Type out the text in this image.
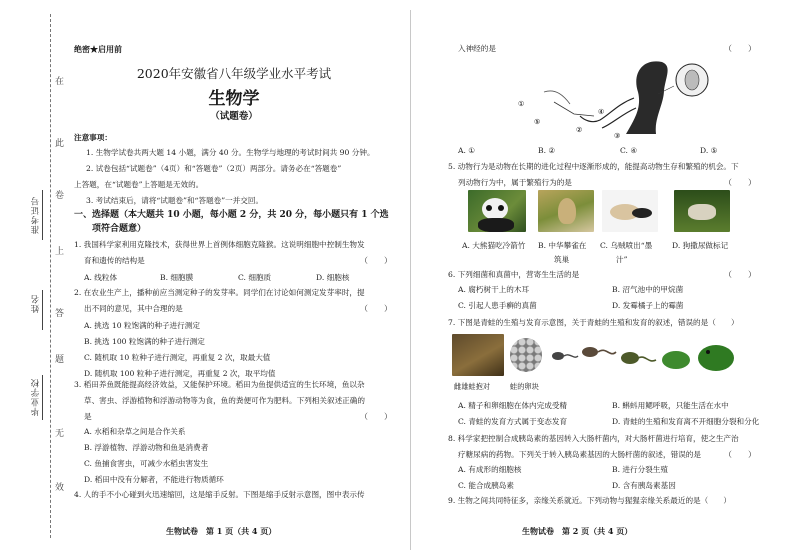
在
此
卷
上
答
题
无
效
准考证号
姓名
毕业学校
绝密★启用前
2020年安徽省八年级学业水平考试
生物学
（试题卷）
注意事项：
1. 生物学试卷共两大题 14 小题，满分 40 分。生物学与地理的考试时间共 90 分钟。
2. 试卷包括“试题卷”（4页）和“答题卷”（2页）两部分。请务必在“答题卷”
上答题，在“试题卷”上答题是无效的。
3. 考试结束后，请将“试题卷”和“答题卷”一并交回。
一、选择题（本大题共 10 小题，每小题 2 分，共 20 分，每小题只有 1 个选
项符合题意）
1. 我国科学家利用克隆技术，获得世界上首例体细胞克隆猴。这说明细胞中控制生物发
育和遗传的结构是	（　　）
A. 线粒体	B. 细胞膜	C. 细胞质	D. 细胞核
2. 在农业生产上，播种前应当测定种子的发芽率。同学们在讨论如何测定发芽率时，提
出不同的意见，其中合理的是	（　　）
A. 挑选 10 粒饱满的种子进行测定
B. 挑选 100 粒饱满的种子进行测定
C. 随机取 10 粒种子进行测定，再重复 2 次，取最大值
D. 随机取 100 粒种子进行测定，再重复 2 次，取平均值
3. 稻田养鱼既能提高经济效益，又能保护环境。稻田为鱼提供适宜的生长环境，鱼以杂
草、害虫、浮游植物和浮游动物等为食，鱼的粪便可作为肥料。下列相关叙述正确的
是	（　　）
A. 水稻和杂草之间是合作关系
B. 浮游植物、浮游动物和鱼是消费者
C. 鱼捕食害虫，可减少水稻虫害发生
D. 稻田中没有分解者，不能进行物质循环
4. 人的手不小心碰到火迅速缩回，这是缩手反射。下图是缩手反射示意图，图中表示传
生物试卷　第 1 页（共 4 页）
入神经的是	（　　）
①
②
③
④
⑤
A. ①	B. ②	C. ④	D. ⑤
5. 动物行为是动物在长期的进化过程中逐渐形成的，能提高动物生存和繁殖的机会。下
列动物行为中，属于繁殖行为的是	（　　）
A. 大熊猫吃冷箭竹 B. 中华攀雀在 C. 乌贼喷出“墨	D. 狗撒尿做标记
筑巢	汁”
6. 下列细菌和真菌中，营寄生生活的是	（　　）
A. 腐朽树干上的木耳	B. 沼气池中的甲烷菌
C. 引起人患手癣的真菌	D. 发霉橘子上的霉菌
7. 下图是青蛙的生殖与发育示意图，关于青蛙的生殖和发育的叙述，错误的是（　　）
雌雄蛙抱对	蛙的卵块
A. 精子和卵细胞在体内完成受精	B. 蝌蚪用鳃呼吸，只能生活在水中
C. 青蛙的发育方式属于变态发育	D. 青蛙的生殖和发育离不开细胞分裂和分化
8. 科学家把控制合成胰岛素的基因转入大肠杆菌内，对大肠杆菌进行培育，使之生产治
疗糖尿病的药物。下列关于转入胰岛素基因的大肠杆菌的叙述，错误的是	（　　）
A. 有成形的细胞核	B. 进行分裂生殖
C. 能合成胰岛素	D. 含有胰岛素基因
9. 生物之间共同特征多，亲缘关系就近。下列动物与猩猩亲缘关系最近的是（　　）
生物试卷　第 2 页（共 4 页）
